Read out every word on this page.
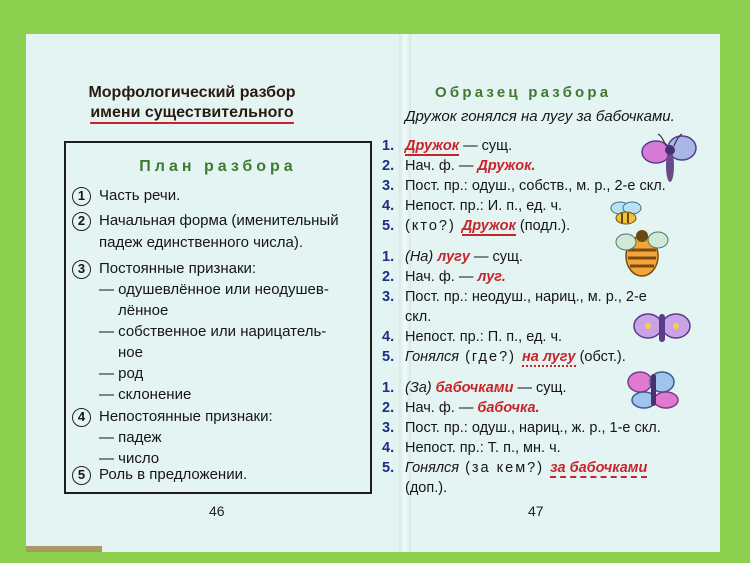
Морфологический разбор
имени существительного
План разбора
1 Часть речи.
2 Начальная форма (именительный
падеж единственного числа).
3 Постоянные признаки:
— одушевлённое или неодушев-
лённое
— собственное или нарицатель-
ное
— род
— склонение
4 Непостоянные признаки:
— падеж
— число
5 Роль в предложении.
46
Образец разбора
Дружок гонялся на лугу за бабочками.
1. Дружок — сущ.
2. Нач. ф. — Дружок.
3. Пост. пр.: одуш., собств., м. р., 2-е скл.
4. Непост. пр.: И. п., ед. ч.
5. (кто?) Дружок (подл.).
1. (На) лугу — сущ.
2. Нач. ф. — луг.
3. Пост. пр.: неодуш., нариц., м. р., 2-е
скл.
4. Непост. пр.: П. п., ед. ч.
5. Гонялся (где?) на лугу (обст.).
1. (За) бабочками — сущ.
2. Нач. ф. — бабочка.
3. Пост. пр.: одуш., нариц., ж. р., 1-е скл.
4. Непост. пр.: Т. п., мн. ч.
5. Гонялся (за кем?) за бабочками
(доп.).
47
